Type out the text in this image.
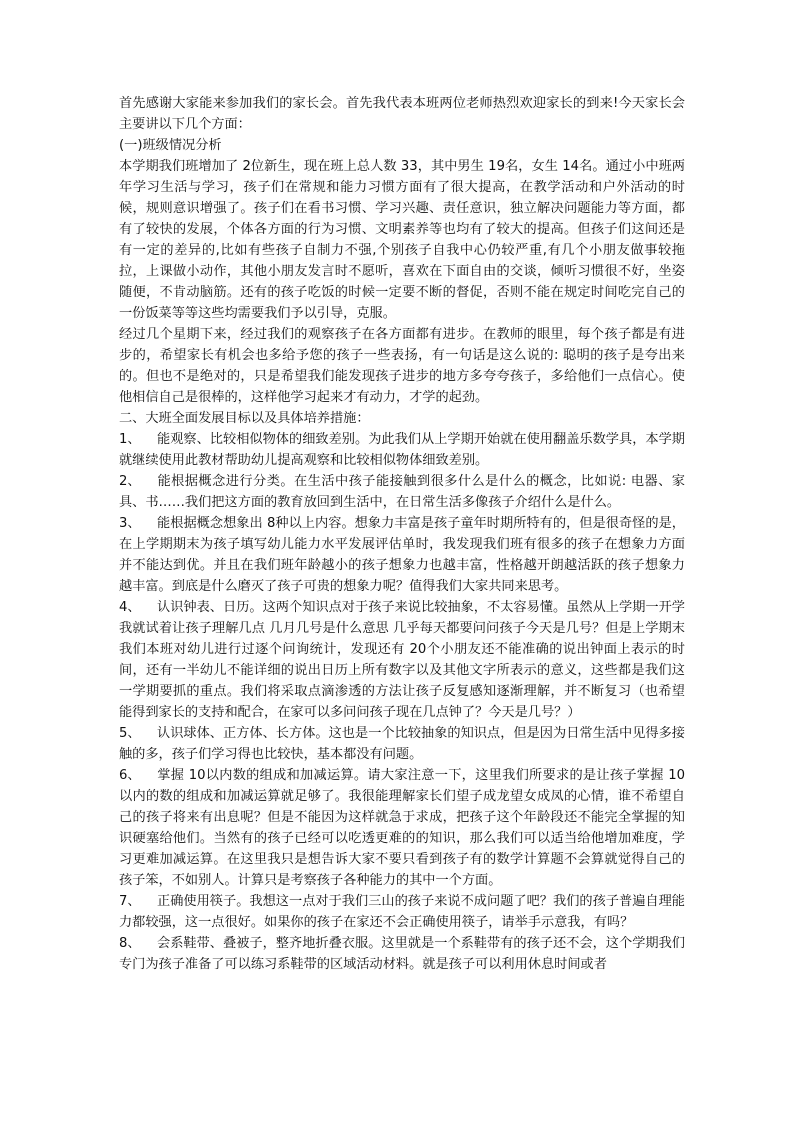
首先感谢大家能来参加我们的家长会。首先我代表本班两位老师热烈欢迎家长的到来!今天家长会主要讲以下几个方面：

(一)班级情况分析

本学期我们班增加了 2位新生，现在班上总人数 33，其中男生 19名，女生 14名。通过小中班两年学习生活与学习，孩子们在常规和能力习惯方面有了很大提高，在教学活动和户外活动的时候，规则意识增强了。孩子们在看书习惯、学习兴趣、责任意识，独立解决问题能力等方面，都有了较快的发展，个体各方面的行为习惯、文明素养等也均有了较大的提高。但孩子们这间还是有一定的差异的,比如有些孩子自制力不强,个别孩子自我中心仍较严重,有几个小朋友做事较拖拉，上课做小动作，其他小朋友发言时不愿听，喜欢在下面自由的交谈，倾听习惯很不好，坐姿随便，不肯动脑筋。还有的孩子吃饭的时候一定要不断的督促，否则不能在规定时间吃完自己的一份饭菜等等这些均需要我们予以引导，克服。

经过几个星期下来，经过我们的观察孩子在各方面都有进步。在教师的眼里，每个孩子都是有进步的，希望家长有机会也多给予您的孩子一些表扬，有一句话是这么说的: 聪明的孩子是夸出来的。但也不是绝对的，只是希望我们能发现孩子进步的地方多夸夸孩子，多给他们一点信心。使他相信自己是很棒的，这样他学习起来才有动力，才学的起劲。

二、大班全面发展目标以及具体培养措施：

1、 能观察、比较相似物体的细致差别。为此我们从上学期开始就在使用翻盖乐数学具，本学期就继续使用此教材帮助幼儿提高观察和比较相似物体细致差别。

2、 能根据概念进行分类。在生活中孩子能接触到很多什么是什么的概念，比如说: 电器、家具、书……我们把这方面的教育放回到生活中，在日常生活多像孩子介绍什么是什么。

3、 能根据概念想象出 8种以上内容。想象力丰富是孩子童年时期所特有的，但是很奇怪的是，在上学期期末为孩子填写幼儿能力水平发展评估单时，我发现我们班有很多的孩子在想象力方面并不能达到优。并且在我们班年龄越小的孩子想象力也越丰富，性格越开朗越活跃的孩子想象力越丰富。到底是什么磨灭了孩子可贵的想象力呢？值得我们大家共同来思考。

4、 认识钟表、日历。这两个知识点对于孩子来说比较抽象，不太容易懂。虽然从上学期一开学我就试着让孩子理解几点 几月几号是什么意思 几乎每天都要问问孩子今天是几号？但是上学期末我们本班对幼儿进行过逐个问询统计，发现还有 20个小朋友还不能准确的说出钟面上表示的时间，还有一半幼儿不能详细的说出日历上所有数字以及其他文字所表示的意义，这些都是我们这一学期要抓的重点。我们将采取点滴渗透的方法让孩子反复感知逐渐理解，并不断复习（也希望能得到家长的支持和配合，在家可以多问问孩子现在几点钟了？今天是几号？）

5、 认识球体、正方体、长方体。这也是一个比较抽象的知识点，但是因为日常生活中见得多接触的多，孩子们学习得也比较快，基本都没有问题。

6、 掌握 10以内数的组成和加减运算。请大家注意一下，这里我们所要求的是让孩子掌握 10以内的数的组成和加减运算就足够了。我很能理解家长们望子成龙望女成凤的心情，谁不希望自己的孩子将来有出息呢？但是不能因为这样就急于求成，把孩子这个年龄段还不能完全掌握的知识硬塞给他们。当然有的孩子已经可以吃透更难的的知识，那么我们可以适当给他增加难度，学习更难加减运算。在这里我只是想告诉大家不要只看到孩子有的数学计算题不会算就觉得自己的孩子笨，不如别人。计算只是考察孩子各种能力的其中一个方面。

7、 正确使用筷子。我想这一点对于我们三山的孩子来说不成问题了吧？我们的孩子普遍自理能力都较强，这一点很好。如果你的孩子在家还不会正确使用筷子，请举手示意我，有吗？

8、 会系鞋带、叠被子，整齐地折叠衣服。这里就是一个系鞋带有的孩子还不会，这个学期我们专门为孩子准备了可以练习系鞋带的区域活动材料。就是孩子可以利用休息时间或者
